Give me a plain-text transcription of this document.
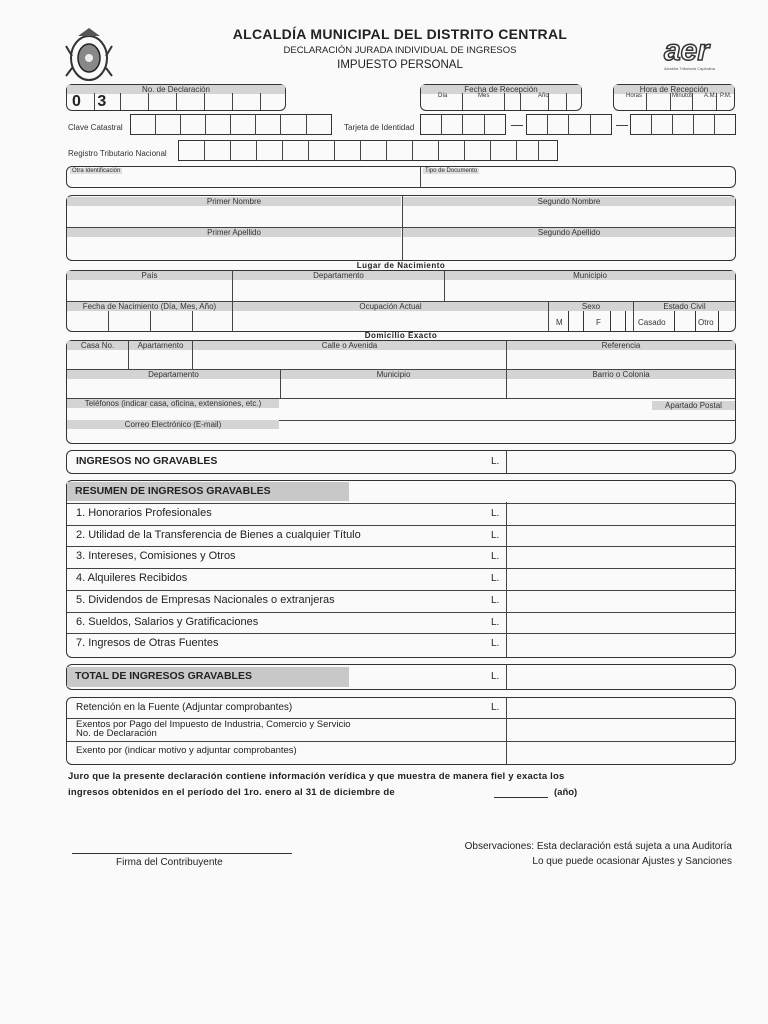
ALCALDÍA MUNICIPAL DEL DISTRITO CENTRAL
DECLARACIÓN JURADA INDIVIDUAL DE INGRESOS
IMPUESTO PERSONAL	aer
Alcaldía Tributaria Capitalina
No. de Declaración
0 3
Fecha de Recepción
Día	Mes	Año
Hora de Recepción
Horas	Minutos A.M. P.M.
Clave Catastral	Tarjeta de Identidad
Registro Tributario Nacional
Otra Identificación	Tipo de Documento
Primer Nombre	Segundo Nombre
Primer Apellido	Segundo Apellido
Lugar de Nacimiento
País	Departamento	Municipio
Fecha de Nacimiento (Día, Mes, Año)	Ocupación Actual	Sexo	Estado Civil
M	F	Casado	Otro
Domicilio Exacto
Casa No.	Apartamento	Calle o Avenida	Referencia
Departamento	Municipio	Barrio o Colonia
Teléfonos (indicar casa, oficina, extensiones, etc.)	Apartado Postal
Correo Electrónico (E-mail)
INGRESOS NO GRAVABLES	L.
RESUMEN DE INGRESOS GRAVABLES
1. Honorarios Profesionales	L.
2. Utilidad de la Transferencia de Bienes a cualquier Título	L.
3. Intereses, Comisiones y Otros	L.
4. Alquileres Recibidos	L.
5. Dividendos de Empresas Nacionales o extranjeras	L.
6. Sueldos, Salarios y Gratificaciones	L.
7. Ingresos de Otras Fuentes	L.
TOTAL DE INGRESOS GRAVABLES	L.
Retención en la Fuente (Adjuntar comprobantes)	L.
Exentos por Pago del Impuesto de Industria, Comercio y Servicio
No. de Declaración
Exento por (indicar motivo y adjuntar comprobantes)
Juro que la presente declaración contiene información verídica y que muestra de manera fiel y exacta los
ingresos obtenidos en el período del 1ro. enero al 31 de diciembre de	(año)
Firma del Contribuyente
Observaciones: Esta declaración está sujeta a una Auditoría
Lo que puede ocasionar Ajustes y Sanciones
